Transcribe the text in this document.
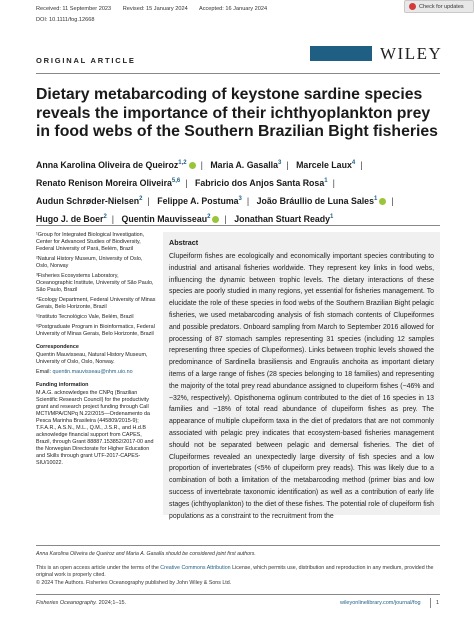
Received: 11 September 2023 Revised: 15 January 2024 Accepted: 16 January 2024
DOI: 10.1111/fog.12668
Check for updates
ORIGINAL ARTICLE	WILEY
Dietary metabarcoding of keystone sardine species reveals the importance of their ichthyoplankton prey in food webs of the Southern Brazilian Bight fisheries
Anna Karolina Oliveira de Queiroz$^{1,2}$ | Maria A. Gasalla$^3$ | Marcele Laux$^4$ | Renato Renison Moreira Oliveira$^{5,6}$ | Fabricio dos Anjos Santa Rosa$^1$ | Audun Schrøder-Nielsen$^2$ | Felippe A. Postuma$^3$ | João Bráullio de Luna Sales$^1$ | Hugo J. de Boer$^2$ | Quentin Mauvisseau$^2$ | Jonathan Stuart Ready$^1$

¹Group for Integrated Biological Investigation, Center for Advanced Studies of Biodiversity, Federal University of Pará, Belém, Brazil

²Natural History Museum, University of Oslo, Oslo, Norway

³Fisheries Ecosystems Laboratory, Oceanographic Institute, University of São Paulo, São Paulo, Brazil

⁴Ecology Department, Federal University of Minas Gerais, Belo Horizonte, Brazil

⁵Instituto Tecnológico Vale, Belém, Brazil

⁶Postgraduate Program in Bioinformatics, Federal University of Minas Gerais, Belo Horizonte, Brazil

Correspondence

Quentin Mauvisseau, Natural History Museum, University of Oslo, Oslo, Norway.

Email: quentin.mauvisseau@nhm.uio.no

Funding information

M.A.G. acknowledges the CNPq (Brazilian Scientific Research Council) for the productivity grant and research project funding through Call MCTI/MPA/CNPq N.22/2015—Ordenamento da Pesca Marinha Brasileira (445809/2015-9); T.F.A.R., A.S.N., M.L., Q.M., J.S.R., and H.d.B acknowledge financial support from CAPES, Brazil, through Grant 88887.153852/2017-00 and the Norwegian Directorate for Higher Education and Skills through grant UTF-2017-CAPES-SIU/10022.

Abstract

Clupeiform fishes are ecologically and economically important species contributing to industrial and artisanal fisheries worldwide. They represent key links in food webs, influencing the dynamic between trophic levels. The dietary interactions of these species are poorly studied in many regions, yet essential for fisheries management. To elucidate the role of these species in food webs of the Southern Brazilian Bight pelagic fisheries, we used metabarcoding analysis of fish stomach contents of Clupeiformes and possible predators. Onboard sampling from March to September 2016 allowed for processing of 87 stomach samples representing 31 species (including 12 samples representing three species of Clupeiformes). Links between trophic levels showed the predominance of Sardinella brasiliensis and Engraulis anchoita as important dietary items of a large range of fishes (28 species belonging to 18 families) and representing the majority of the total prey read abundance assigned to clupeiform fishes (~46% and ~32%, respectively). Opisthonema oglinum contributed to the diet of 16 species in 13 families and ~18% of total read abundance of clupeiform fishes as prey. The appearance of multiple clupeiform taxa in the diet of predators that are not commonly associated with pelagic prey indicates that ecosystem-based fisheries management should not be separated between pelagic and demersal fisheries. The diet of Clupeiformes revealed an unexpectedly large diversity of fish species and a low proportion of invertebrates (<5% of clupeiform prey reads). This was likely due to a combination of both a limitation of the metabarcoding method (primer bias and low success of invertebrate taxonomic identification) as well as a contribution of early life stages (ichthyoplankton) to the diet of these fishes. The potential role of clupeiform fish populations as a constraint to the recruitment from the

Anna Karolina Oliveira de Queiroz and Maria A. Gasalla should be considered joint first authors.
This is an open access article under the terms of the Creative Commons Attribution License, which permits use, distribution and reproduction in any medium, provided the original work is properly cited.
© 2024 The Authors. Fisheries Oceanography published by John Wiley & Sons Ltd.
Fisheries Oceanography. 2024;1–15.	wileyonlinelibrary.com/journal/fog	1
